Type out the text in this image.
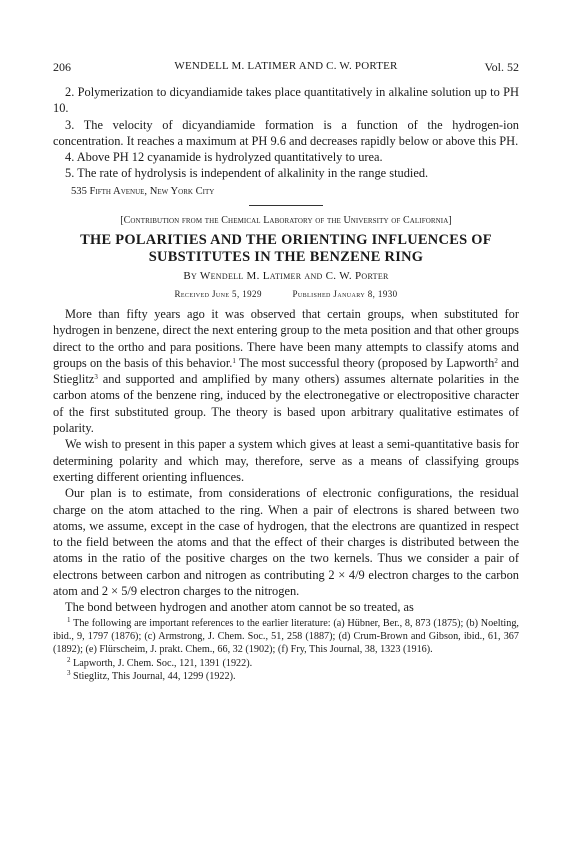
206	WENDELL M. LATIMER AND C. W. PORTER	Vol. 52

2. Polymerization to dicyandiamide takes place quantitatively in alkaline solution up to PH 10.

3. The velocity of dicyandiamide formation is a function of the hydrogen-ion concentration. It reaches a maximum at PH 9.6 and decreases rapidly below or above this PH.

4. Above PH 12 cyanamide is hydrolyzed quantitatively to urea.

5. The rate of hydrolysis is independent of alkalinity in the range studied.

535 Fifth Avenue, New York City

[Contribution from the Chemical Laboratory of the University of California]

THE POLARITIES AND THE ORIENTING INFLUENCES OF SUBSTITUTES IN THE BENZENE RING

By Wendell M. Latimer and C. W. Porter

Received June 5, 1929	Published January 8, 1930

More than fifty years ago it was observed that certain groups, when substituted for hydrogen in benzene, direct the next entering group to the meta position and that other groups direct to the ortho and para positions. There have been many attempts to classify atoms and groups on the basis of this behavior.$^1$ The most successful theory (proposed by Lapworth$^2$ and Stieglitz$^3$ and supported and amplified by many others) assumes alternate polarities in the carbon atoms of the benzene ring, induced by the electronegative or electropositive character of the first substituted group. The theory is based upon arbitrary qualitative estimates of polarity.

We wish to present in this paper a system which gives at least a semi-quantitative basis for determining polarity and which may, therefore, serve as a means of classifying groups exerting different orienting influences.

Our plan is to estimate, from considerations of electronic configurations, the residual charge on the atom attached to the ring. When a pair of electrons is shared between two atoms, we assume, except in the case of hydrogen, that the electrons are quantized in respect to the field between the atoms and that the effect of their charges is distributed between the atoms in the ratio of the positive charges on the two kernels. Thus we consider a pair of electrons between carbon and nitrogen as contributing 2 × 4/9 electron charges to the carbon atom and 2 × 5/9 electron charges to the nitrogen.

The bond between hydrogen and another atom cannot be so treated, as

$^1$ The following are important references to the earlier literature: (a) Hübner, Ber., 8, 873 (1875); (b) Noelting, ibid., 9, 1797 (1876); (c) Armstrong, J. Chem. Soc., 51, 258 (1887); (d) Crum-Brown and Gibson, ibid., 61, 367 (1892); (e) Flürscheim, J. prakt. Chem., 66, 32 (1902); (f) Fry, This Journal, 38, 1323 (1916).

$^2$ Lapworth, J. Chem. Soc., 121, 1391 (1922).

$^3$ Stieglitz, This Journal, 44, 1299 (1922).
